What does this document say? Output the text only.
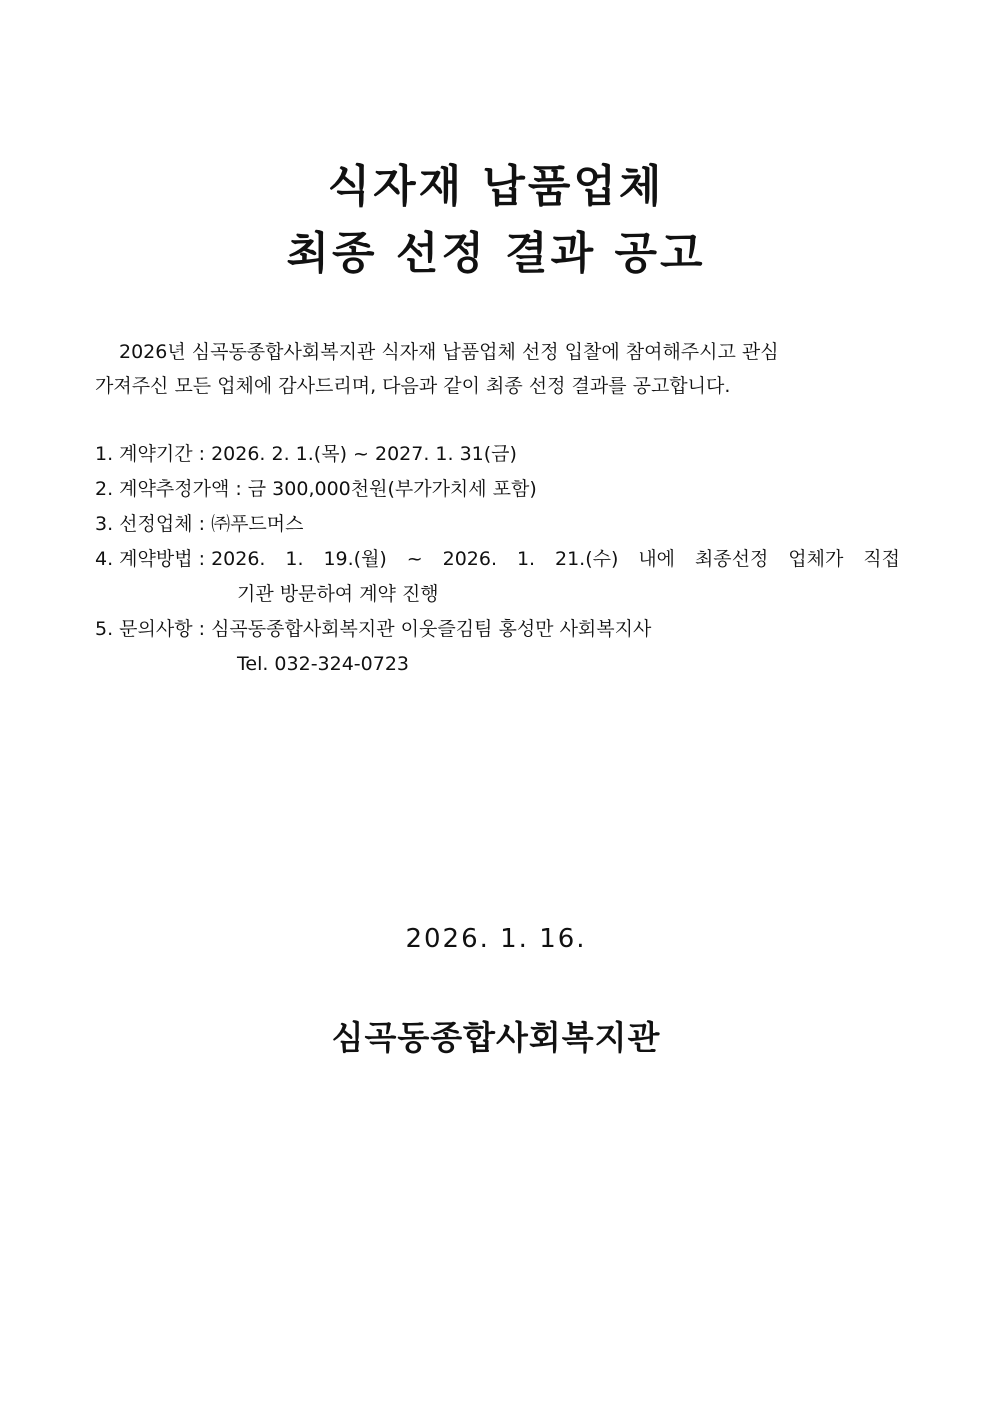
식자재 납품업체
최종 선정 결과 공고

2026년 심곡동종합사회복지관 식자재 납품업체 선정 입찰에 참여해주시고 관심
가져주신 모든 업체에 감사드리며, 다음과 같이 최종 선정 결과를 공고합니다.

1. 계약기간 : 2026. 2. 1.(목) ~ 2027. 1. 31(금)
2. 계약추정가액 : 금 300,000천원(부가가치세 포함)
3. 선정업체 : ㈜푸드머스
4. 계약방법 : 2026. 1. 19.(월) ~ 2026. 1. 21.(수) 내에 최종선정 업체가 직접
기관 방문하여 계약 진행
5. 문의사항 : 심곡동종합사회복지관 이웃즐김팀 홍성만 사회복지사
Tel. 032-324-0723
2026. 1. 16.
심곡동종합사회복지관
